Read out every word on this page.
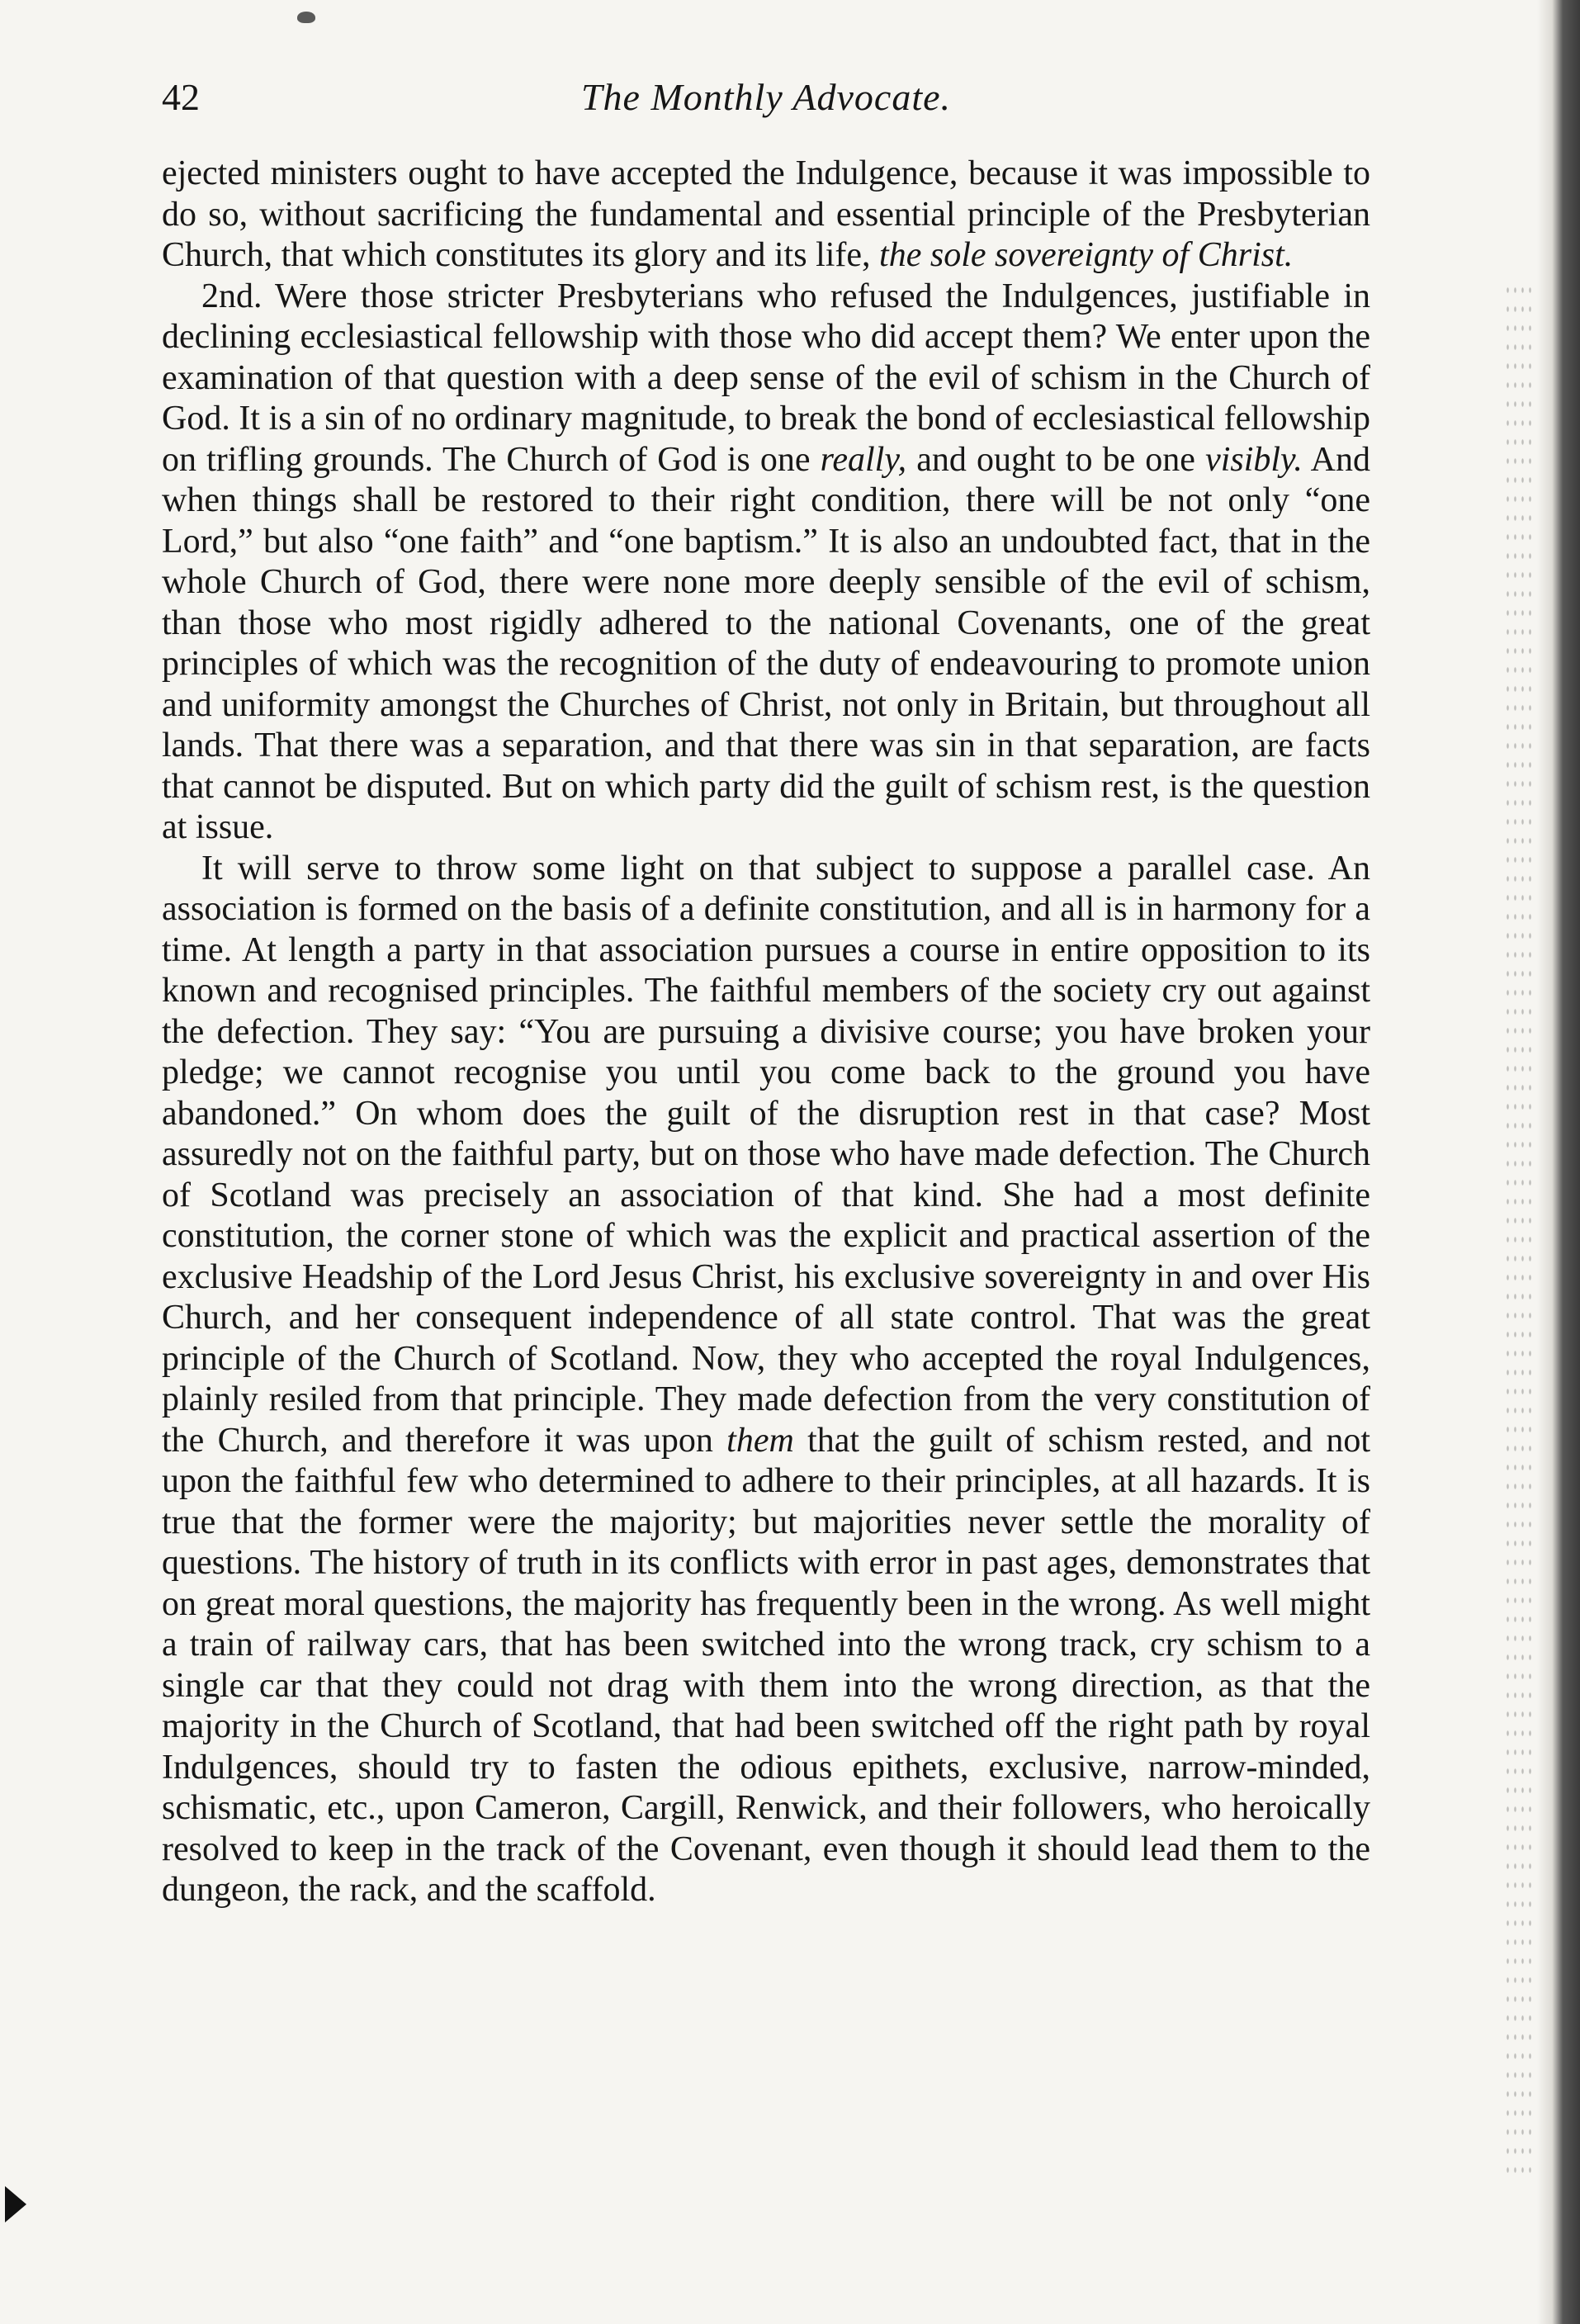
42	The Monthly Advocate.

ejected ministers ought to have accepted the Indulgence, because it was impossible to do so, without sacrificing the fundamental and essential principle of the Presbyterian Church, that which constitutes its glory and its life, the sole sovereignty of Christ.

2nd. Were those stricter Presbyterians who refused the Indulgences, justifiable in declining ecclesiastical fellowship with those who did accept them? We enter upon the examination of that question with a deep sense of the evil of schism in the Church of God. It is a sin of no ordinary magnitude, to break the bond of ecclesiastical fellowship on trifling grounds. The Church of God is one really, and ought to be one visibly. And when things shall be restored to their right condition, there will be not only “one Lord,” but also “one faith” and “one baptism.” It is also an undoubted fact, that in the whole Church of God, there were none more deeply sensible of the evil of schism, than those who most rigidly adhered to the national Covenants, one of the great principles of which was the recognition of the duty of endeavouring to promote union and uniformity amongst the Churches of Christ, not only in Britain, but throughout all lands. That there was a separation, and that there was sin in that separation, are facts that cannot be disputed. But on which party did the guilt of schism rest, is the question at issue.

It will serve to throw some light on that subject to suppose a parallel case. An association is formed on the basis of a definite constitution, and all is in harmony for a time. At length a party in that association pursues a course in entire opposition to its known and recognised principles. The faithful members of the society cry out against the defection. They say: “You are pursuing a divisive course; you have broken your pledge; we cannot recognise you until you come back to the ground you have abandoned.” On whom does the guilt of the disruption rest in that case? Most assuredly not on the faithful party, but on those who have made defection. The Church of Scotland was precisely an association of that kind. She had a most definite constitution, the corner stone of which was the explicit and practical assertion of the exclusive Headship of the Lord Jesus Christ, his exclusive sovereignty in and over His Church, and her consequent independence of all state control. That was the great principle of the Church of Scotland. Now, they who accepted the royal Indulgences, plainly resiled from that principle. They made defection from the very constitution of the Church, and therefore it was upon them that the guilt of schism rested, and not upon the faithful few who determined to adhere to their principles, at all hazards. It is true that the former were the majority; but majorities never settle the morality of questions. The history of truth in its conflicts with error in past ages, demonstrates that on great moral questions, the majority has frequently been in the wrong. As well might a train of railway cars, that has been switched into the wrong track, cry schism to a single car that they could not drag with them into the wrong direction, as that the majority in the Church of Scotland, that had been switched off the right path by royal Indulgences, should try to fasten the odious epithets, exclusive, narrow-minded, schismatic, etc., upon Cameron, Cargill, Renwick, and their followers, who heroically resolved to keep in the track of the Covenant, even though it should lead them to the dungeon, the rack, and the scaffold.
